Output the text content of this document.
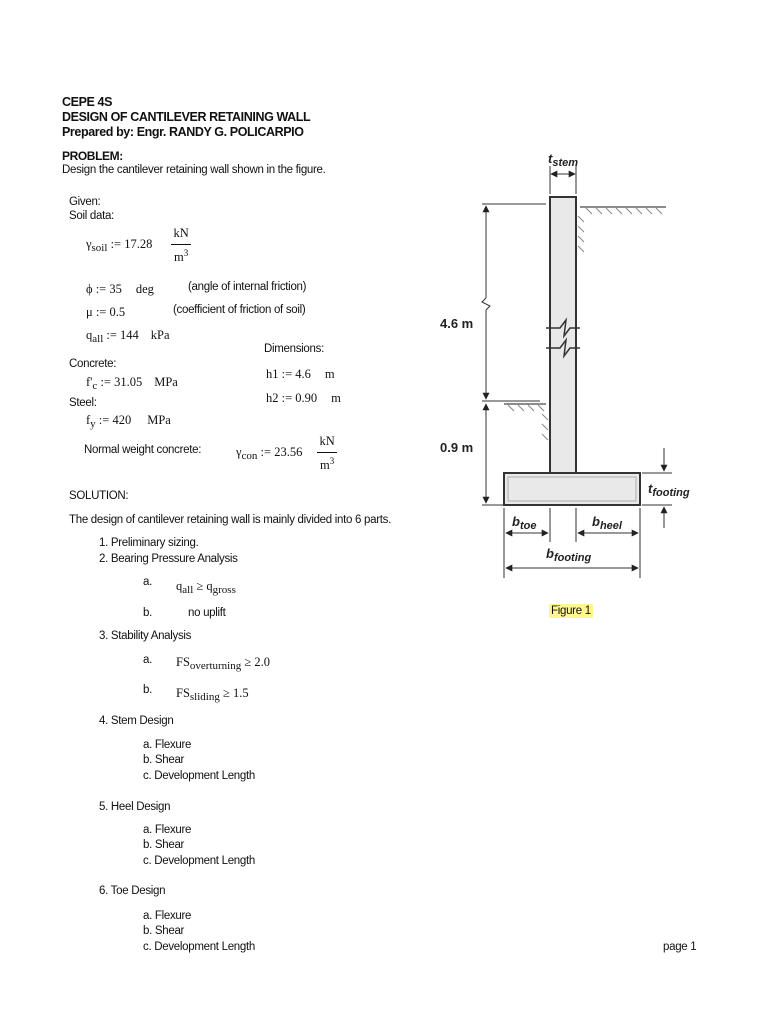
CEPE 4S
DESIGN OF CANTILEVER RETAINING WALL
Prepared by: Engr. RANDY G. POLICARPIO
PROBLEM:
Design the cantilever retaining wall shown in the figure.
Given:
Soil data:
$\gamma_{soil}$ := $17.28 \frac{kN}{m^3}$
ϕ := 35 deg	(angle of internal friction)
μ := 0.5	(coefficient of friction of soil)
$q_{all}$ := 144 kPa
Dimensions:
h1 := 4.6 m
h2 := 0.90 m
Concrete:
$f'_c$ := 31.05 MPa
Steel:
$f_y$ := 420 MPa
Normal weight concrete:	$\gamma_{con}$ := $23.56 \frac{kN}{m^3}$
SOLUTION:
The design of cantilever retaining wall is mainly divided into 6 parts.
1. Preliminary sizing.
2. Bearing Pressure Analysis
a. $q_{all} \ge q_{gross}$
b.	no uplift
3. Stability Analysis
a. $FS_{overturning} \ge 2.0$
b. $FS_{sliding} \ge 1.5$
4. Stem Design
a. Flexure
b. Shear
c. Development Length
5. Heel Design
a. Flexure
b. Shear
c. Development Length
6. Toe Design
a. Flexure
b. Shear
c. Development Length	page 1
$t_{stem}$
4.6 m
0.9 m
$t_{footing}$
$b_{toe}$	$b_{heel}$
$b_{footing}$
Figure 1
